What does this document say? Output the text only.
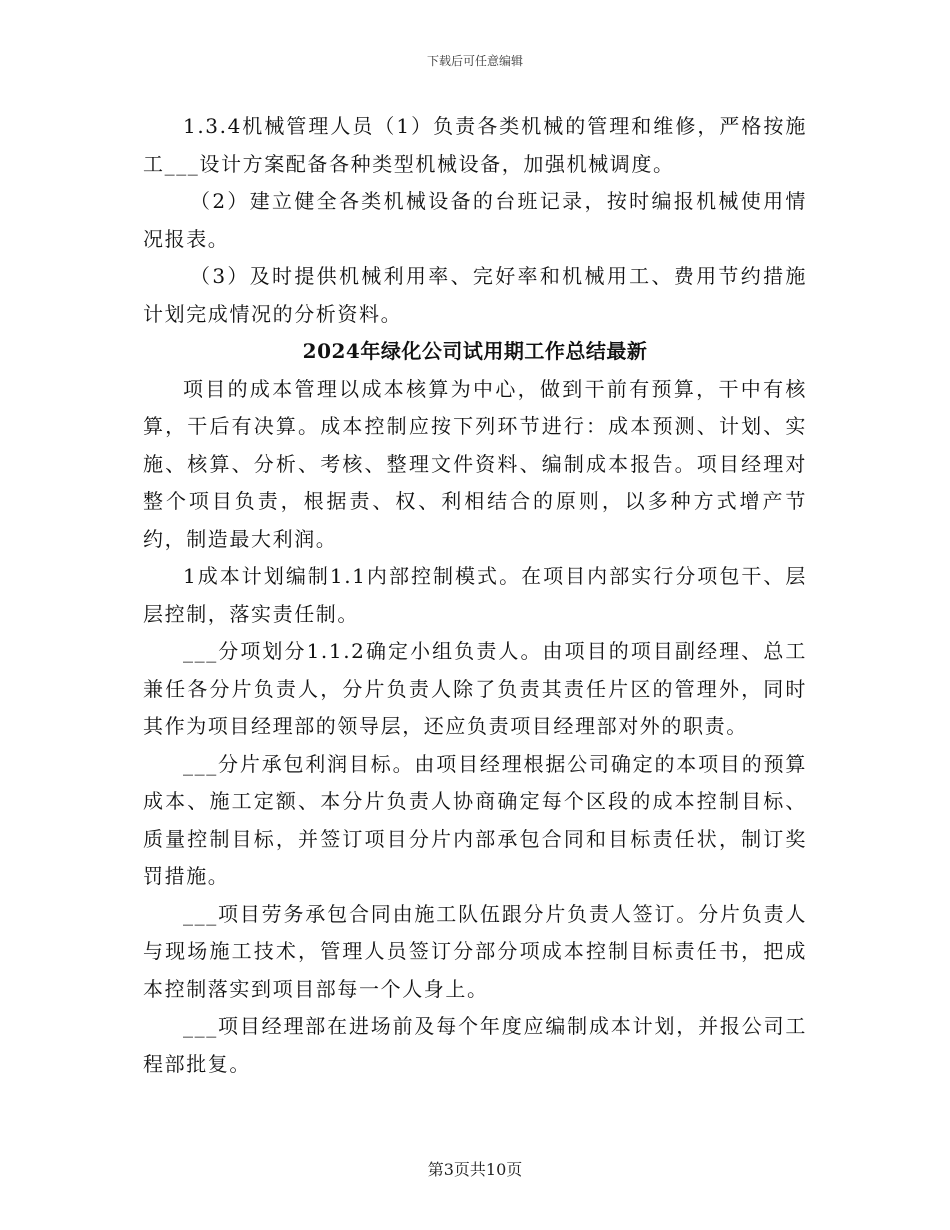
下载后可任意编辑

1.3.4机械管理人员（1）负责各类机械的管理和维修，严格按施工___设计方案配备各种类型机械设备，加强机械调度。

（2）建立健全各类机械设备的台班记录，按时编报机械使用情况报表。

（3）及时提供机械利用率、完好率和机械用工、费用节约措施计划完成情况的分析资料。

2024年绿化公司试用期工作总结最新

项目的成本管理以成本核算为中心，做到干前有预算，干中有核算，干后有决算。成本控制应按下列环节进行：成本预测、计划、实施、核算、分析、考核、整理文件资料、编制成本报告。项目经理对整个项目负责，根据责、权、利相结合的原则，以多种方式增产节约，制造最大利润。

1成本计划编制1.1内部控制模式。在项目内部实行分项包干、层层控制，落实责任制。

___分项划分1.1.2确定小组负责人。由项目的项目副经理、总工兼任各分片负责人，分片负责人除了负责其责任片区的管理外，同时其作为项目经理部的领导层，还应负责项目经理部对外的职责。

___分片承包利润目标。由项目经理根据公司确定的本项目的预算成本、施工定额、本分片负责人协商确定每个区段的成本控制目标、质量控制目标，并签订项目分片内部承包合同和目标责任状，制订奖罚措施。

___项目劳务承包合同由施工队伍跟分片负责人签订。分片负责人与现场施工技术，管理人员签订分部分项成本控制目标责任书，把成本控制落实到项目部每一个人身上。

___项目经理部在进场前及每个年度应编制成本计划，并报公司工程部批复。

第3页共10页
